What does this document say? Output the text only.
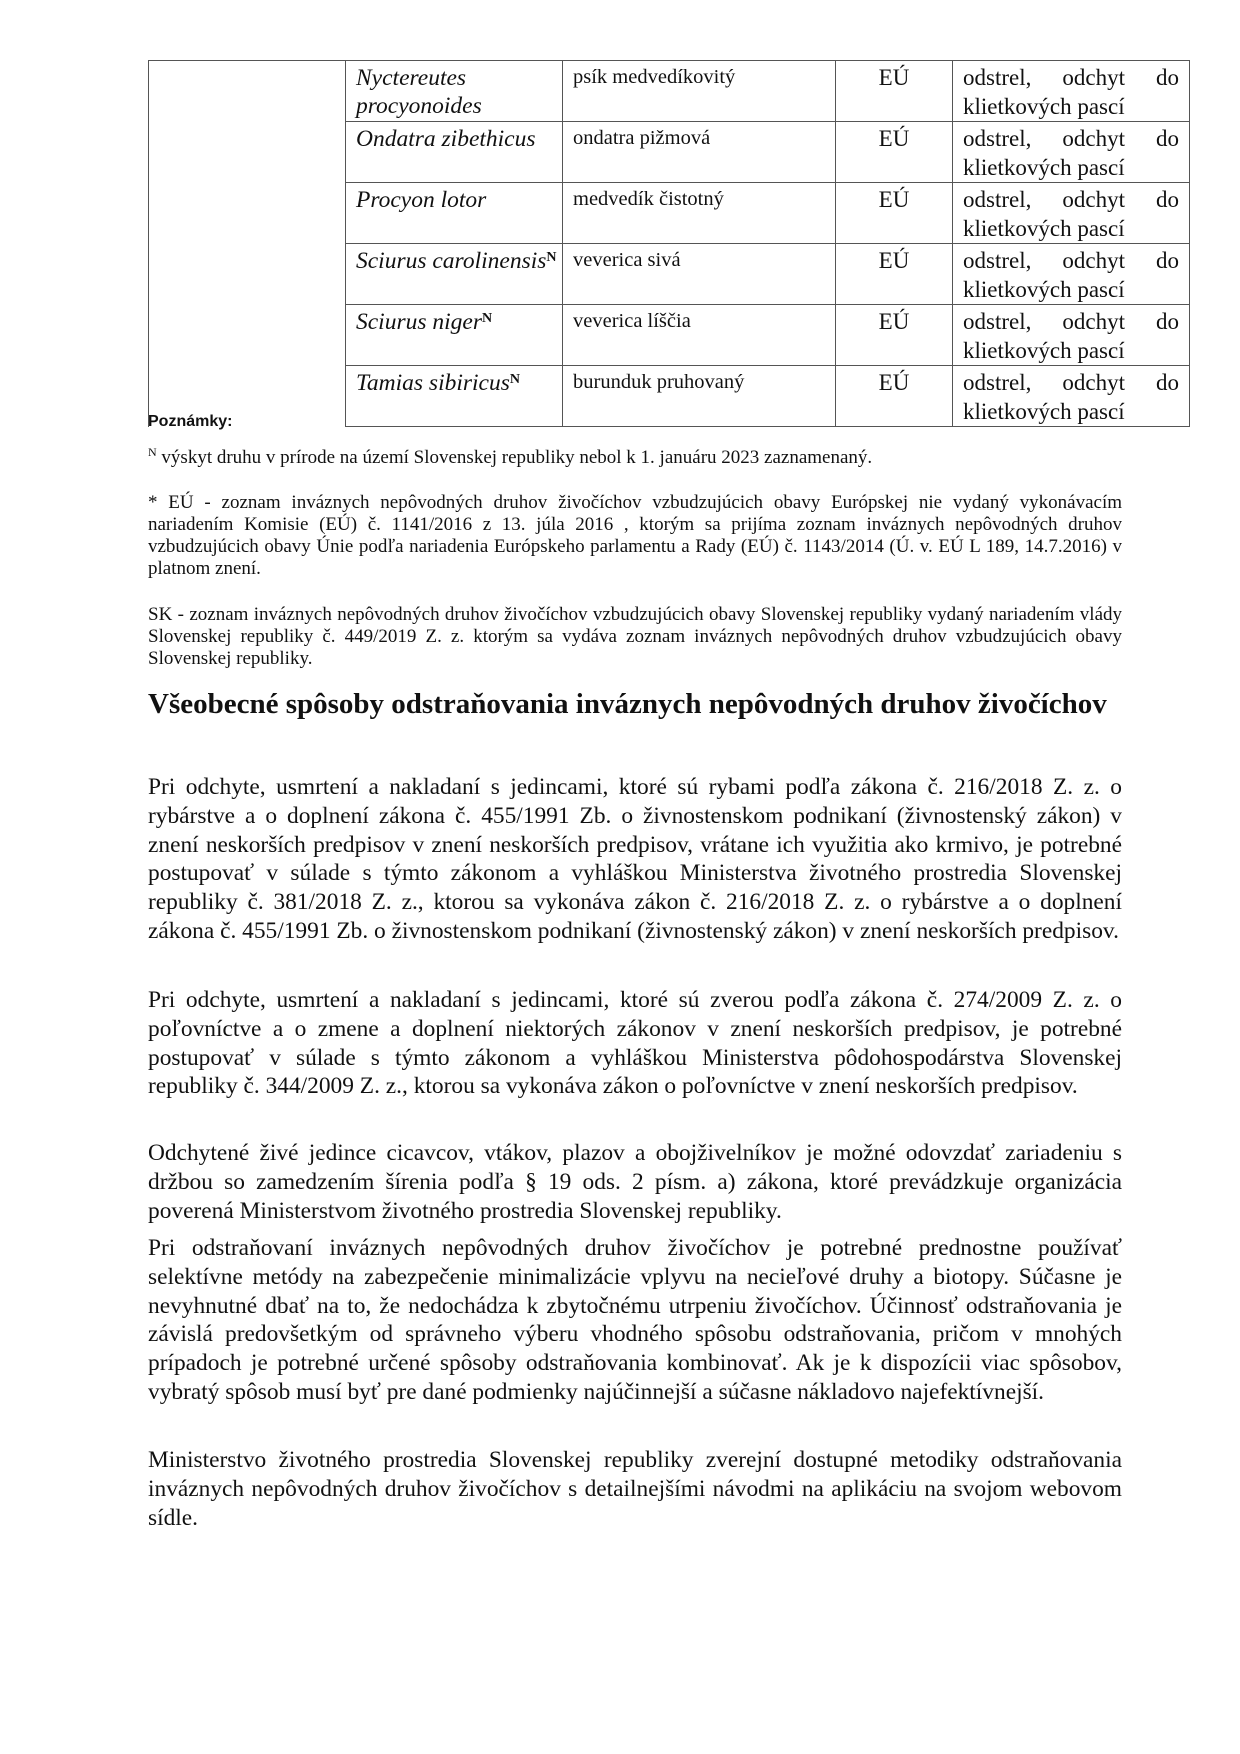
	Nyctereutes procyonoides	psík medvedíkovitý	EÚ	odstrel, odchyt do
klietkových pascí

	Ondatra zibethicus	ondatra pižmová	EÚ	odstrel, odchyt do
klietkových pascí

	Procyon lotor	medvedík čistotný	EÚ	odstrel, odchyt do
klietkových pascí

	Sciurus carolinensis$^N$	veverica sivá	EÚ	odstrel, odchyt do
klietkových pascí

	Sciurus niger$^N$	veverica líščia	EÚ	odstrel, odchyt do
klietkových pascí

	Tamias sibiricus$^N$	burunduk pruhovaný	EÚ	odstrel, odchyt do
klietkových pascí
Poznámky:
$^N$ výskyt druhu v prírode na území Slovenskej republiky nebol k 1. januáru 2023 zaznamenaný.
* EÚ - zoznam inváznych nepôvodných druhov živočíchov vzbudzujúcich obavy Európskej nie vydaný vykonávacím nariadením Komisie (EÚ) č. 1141/2016 z 13. júla 2016 , ktorým sa prijíma zoznam inváznych nepôvodných druhov vzbudzujúcich obavy Únie podľa nariadenia Európskeho parlamentu a Rady (EÚ) č. 1143/2014 (Ú. v. EÚ L 189, 14.7.2016) v platnom znení.
SK - zoznam inváznych nepôvodných druhov živočíchov vzbudzujúcich obavy Slovenskej republiky vydaný nariadením vlády Slovenskej republiky č. 449/2019 Z. z. ktorým sa vydáva zoznam inváznych nepôvodných druhov vzbudzujúcich obavy Slovenskej republiky.
Všeobecné spôsoby odstraňovania inváznych nepôvodných druhov živočíchov

Pri odchyte, usmrtení a nakladaní s jedincami, ktoré sú rybami podľa zákona č. 216/2018 Z. z. o rybárstve a o doplnení zákona č. 455/1991 Zb. o živnostenskom podnikaní (živnostenský zákon) v znení neskorších predpisov v znení neskorších predpisov, vrátane ich využitia ako krmivo, je potrebné postupovať v súlade s týmto zákonom a vyhláškou Ministerstva životného prostredia Slovenskej republiky č. 381/2018 Z. z., ktorou sa vykonáva zákon č. 216/2018 Z. z. o rybárstve a o doplnení zákona č. 455/1991 Zb. o živnostenskom podnikaní (živnostenský zákon) v znení neskorších predpisov.

Pri odchyte, usmrtení a nakladaní s jedincami, ktoré sú zverou podľa zákona č. 274/2009 Z. z. o poľovníctve a o zmene a doplnení niektorých zákonov v znení neskorších predpisov, je potrebné postupovať v súlade s týmto zákonom a vyhláškou Ministerstva pôdohospodárstva Slovenskej republiky č. 344/2009 Z. z., ktorou sa vykonáva zákon o poľovníctve v znení neskorších predpisov.

Odchytené živé jedince cicavcov, vtákov, plazov a obojživelníkov je možné odovzdať zariadeniu s držbou so zamedzením šírenia podľa § 19 ods. 2 písm. a) zákona, ktoré prevádzkuje organizácia poverená Ministerstvom životného prostredia Slovenskej republiky.

Pri odstraňovaní inváznych nepôvodných druhov živočíchov je potrebné prednostne používať selektívne metódy na zabezpečenie minimalizácie vplyvu na necieľové druhy a biotopy. Súčasne je nevyhnutné dbať na to, že nedochádza k zbytočnému utrpeniu živočíchov. Účinnosť odstraňovania je závislá predovšetkým od správneho výberu vhodného spôsobu odstraňovania, pričom v mnohých prípadoch je potrebné určené spôsoby odstraňovania kombinovať. Ak je k dispozícii viac spôsobov, vybratý spôsob musí byť pre dané podmienky najúčinnejší a súčasne nákladovo najefektívnejší.

Ministerstvo životného prostredia Slovenskej republiky zverejní dostupné metodiky odstraňovania inváznych nepôvodných druhov živočíchov s detailnejšími návodmi na aplikáciu na svojom webovom sídle.
